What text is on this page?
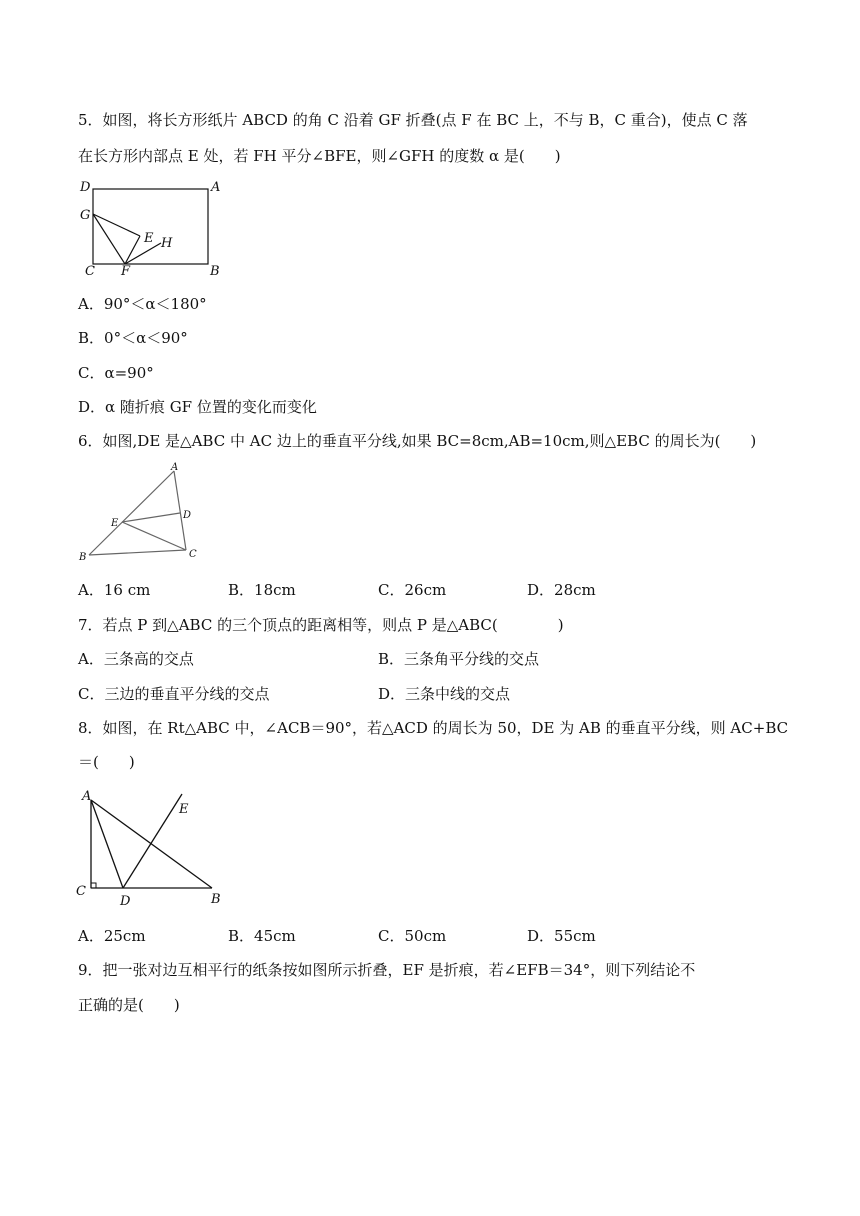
5．如图，将长方形纸片 ABCD 的角 C 沿着 GF 折叠(点 F 在 BC 上，不与 B，C 重合)，使点 C 落
在长方形内部点 E 处，若 FH 平分∠BFE，则∠GFH 的度数 α 是(　　)
D	A
G
E H
C F	B
A．90°＜α＜180°
B．0°＜α＜90°
C．α=90°
D．α 随折痕 GF 位置的变化而变化
6．如图,DE 是△ABC 中 AC 边上的垂直平分线,如果 BC=8cm,AB=10cm,则△EBC 的周长为(　　)
A
D
E
B	C
A．16 cm	B．18cm	C．26cm	D．28cm
7．若点 P 到△ABC 的三个顶点的距离相等，则点 P 是△ABC(　　　　)
A．三条高的交点	B．三条角平分线的交点
C．三边的垂直平分线的交点	D．三条中线的交点
8．如图，在 Rt△ABC 中，∠ACB＝90°，若△ACD 的周长为 50，DE 为 AB 的垂直平分线，则 AC+BC
＝(　　)
A
E
C
D	B
A．25cm	B．45cm	C．50cm	D．55cm
9．把一张对边互相平行的纸条按如图所示折叠，EF 是折痕，若∠EFB＝34°，则下列结论不
正确的是(　　)
